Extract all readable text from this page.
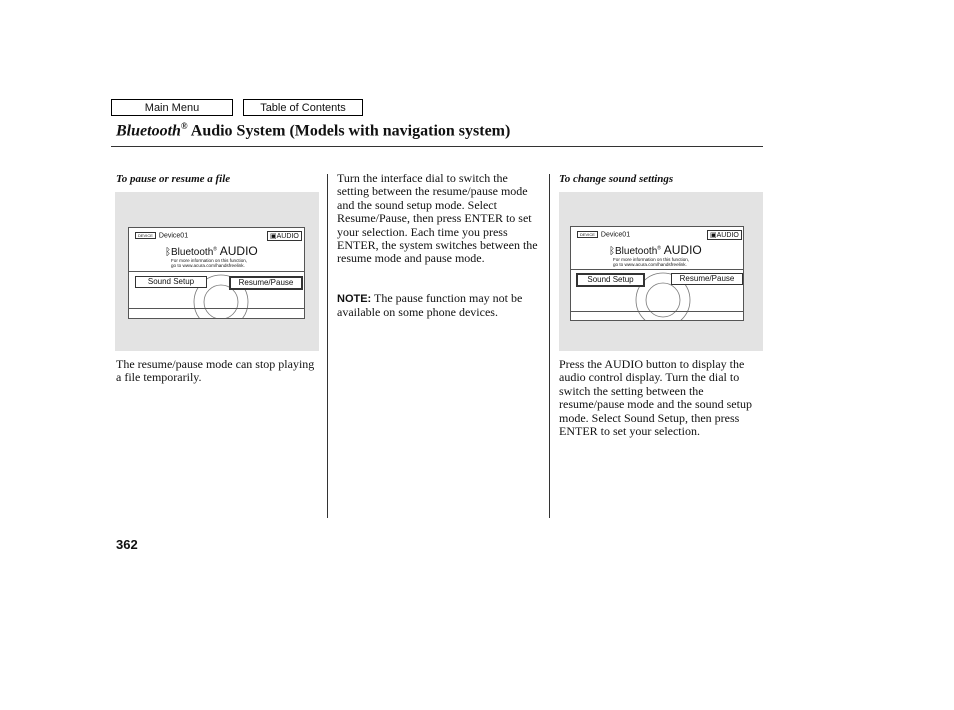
Main Menu	Table of Contents
Bluetooth® Audio System (Models with navigation system)
To pause or resume a file
DEVICE Device01	▣AUDIO
ᛒBluetooth® AUDIO
For more information on this function,
go to www.acura.com/handsfreelink.
Sound Setup	Resume/Pause
The resume/pause mode can stop playing a file temporarily.
Turn the interface dial to switch the setting between the resume/pause mode and the sound setup mode. Select Resume/Pause, then press ENTER to set your selection. Each time you press ENTER, the system switches between the resume mode and pause mode.
NOTE: The pause function may not be available on some phone devices.
To change sound settings
DEVICE Device01	▣AUDIO
ᛒBluetooth® AUDIO
For more information on this function,
go to www.acura.com/handsfreelink.
Sound Setup	Resume/Pause
Press the AUDIO button to display the audio control display. Turn the dial to switch the setting between the resume/pause mode and the sound setup mode. Select Sound Setup, then press ENTER to set your selection.
362
